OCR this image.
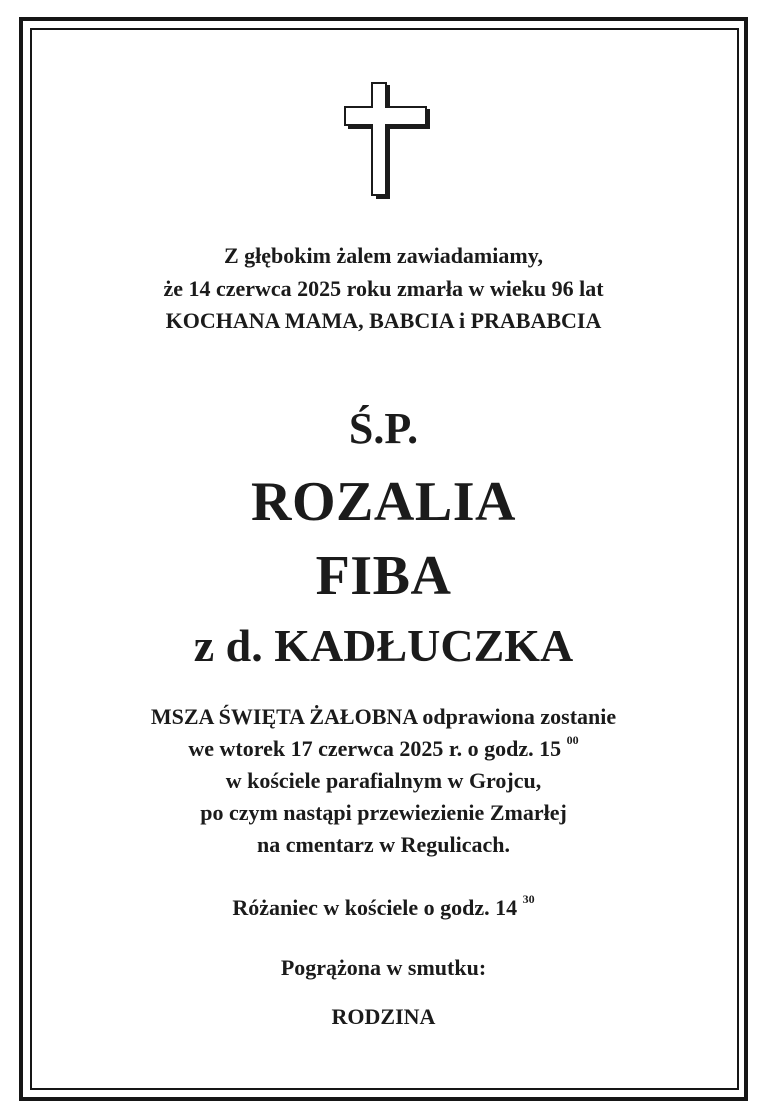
Z głębokim żalem zawiadamiamy,
że 14 czerwca 2025 roku zmarła w wieku 96 lat
KOCHANA MAMA, BABCIA i PRABABCIA
Ś.P.
ROZALIA
FIBA
z d. KADŁUCZKA
MSZA ŚWIĘTA ŻAŁOBNA odprawiona zostanie
we wtorek 17 czerwca 2025 r. o godz. 15 $^{00}$
w kościele parafialnym w Grojcu,
po czym nastąpi przewiezienie Zmarłej
na cmentarz w Regulicach.
Różaniec w kościele o godz. 14 $^{30}$
Pogrążona w smutku:
RODZINA
